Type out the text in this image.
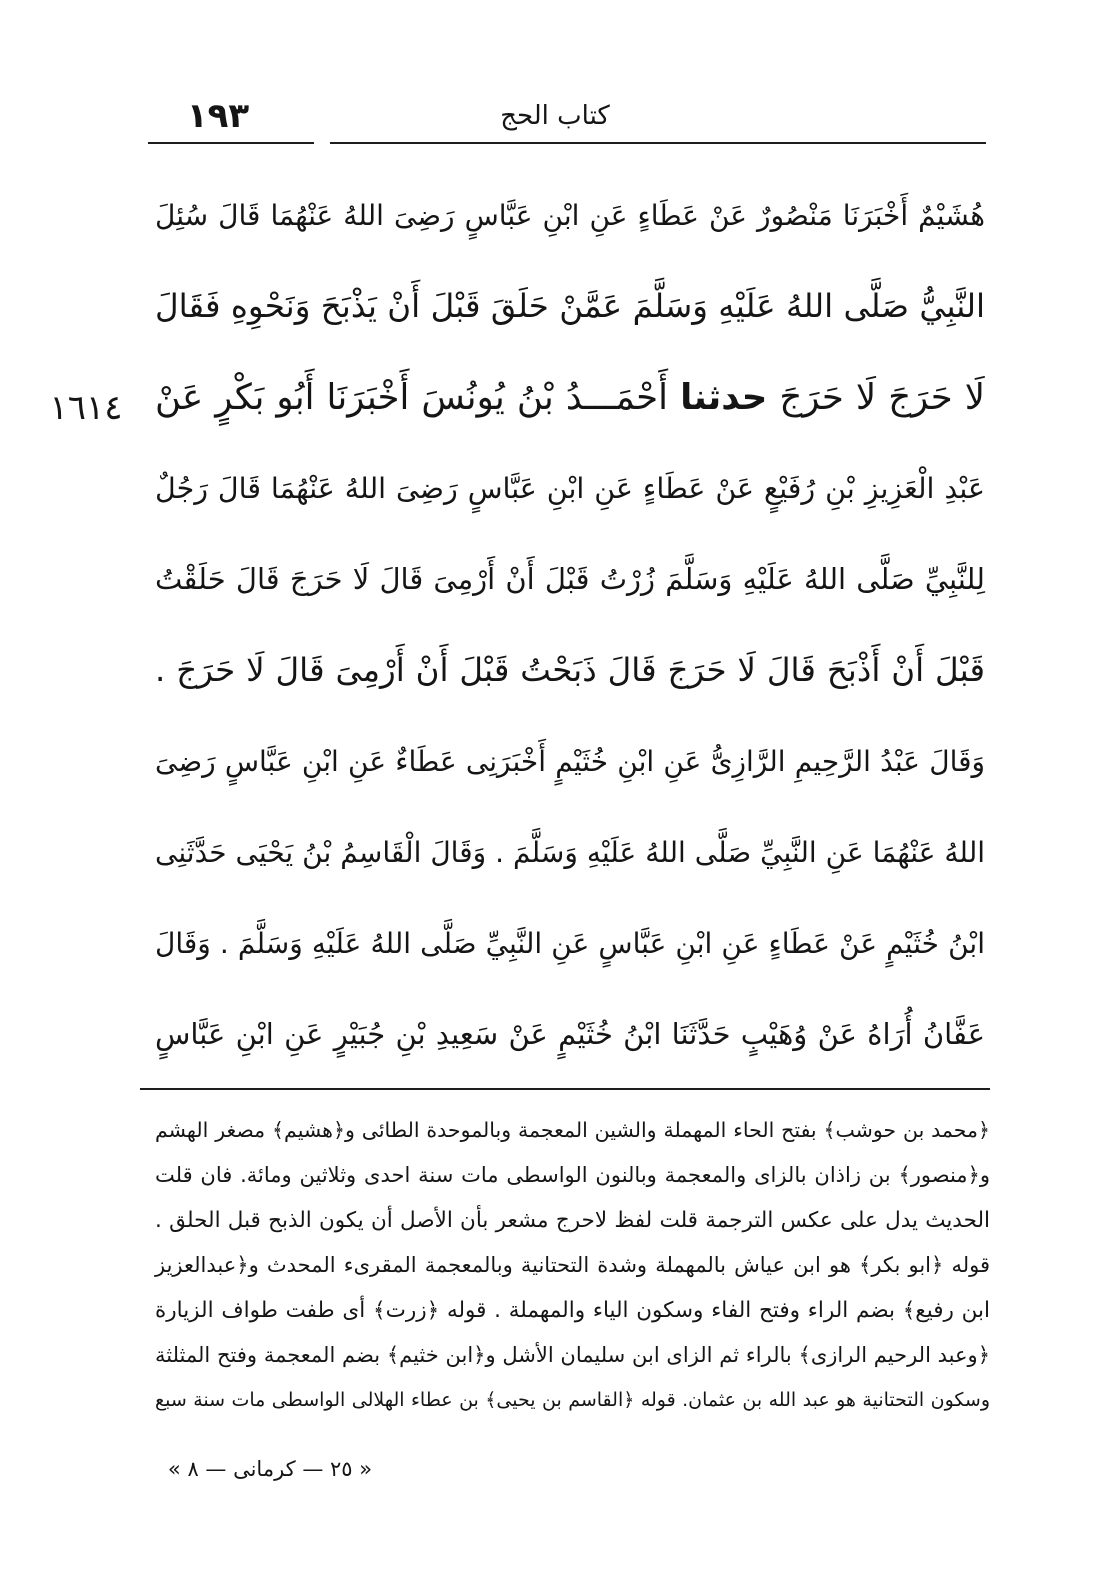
١٩٣	كتاب الحج
١٦١٤

هُشَيْمٌ أَخْبَرَنَا مَنْصُورٌ عَنْ عَطَاءٍ عَنِ ابْنِ عَبَّاسٍ رَضِىَ اللهُ عَنْهُمَا قَالَ سُئِلَ

النَّبِيُّ صَلَّى اللهُ عَلَيْهِ وَسَلَّمَ عَمَّنْ حَلَقَ قَبْلَ أَنْ يَذْبَحَ وَنَحْوِهِ فَقَالَ

لَا حَرَجَ لَا حَرَجَ حدثنا أَحْمَـــدُ بْنُ يُونُسَ أَخْبَرَنَا أَبُو بَكْرٍ عَنْ

عَبْدِ الْعَزِيزِ بْنِ رُفَيْعٍ عَنْ عَطَاءٍ عَنِ ابْنِ عَبَّاسٍ رَضِىَ اللهُ عَنْهُمَا قَالَ رَجُلٌ

لِلنَّبِيِّ صَلَّى اللهُ عَلَيْهِ وَسَلَّمَ زُرْتُ قَبْلَ أَنْ أَرْمِىَ قَالَ لَا حَرَجَ قَالَ حَلَقْتُ

قَبْلَ أَنْ أَذْبَحَ قَالَ لَا حَرَجَ قَالَ ذَبَحْتُ قَبْلَ أَنْ أَرْمِىَ قَالَ لَا حَرَجَ .

وَقَالَ عَبْدُ الرَّحِيمِ الرَّازِىُّ عَنِ ابْنِ خُثَيْمٍ أَخْبَرَنِى عَطَاءٌ عَنِ ابْنِ عَبَّاسٍ رَضِىَ

اللهُ عَنْهُمَا عَنِ النَّبِيِّ صَلَّى اللهُ عَلَيْهِ وَسَلَّمَ . وَقَالَ الْقَاسِمُ بْنُ يَحْيَى حَدَّثَنِى

ابْنُ خُثَيْمٍ عَنْ عَطَاءٍ عَنِ ابْنِ عَبَّاسٍ عَنِ النَّبِيِّ صَلَّى اللهُ عَلَيْهِ وَسَلَّمَ . وَقَالَ

عَفَّانُ أُرَاهُ عَنْ وُهَيْبٍ حَدَّثَنَا ابْنُ خُثَيْمٍ عَنْ سَعِيدِ بْنِ جُبَيْرٍ عَنِ ابْنِ عَبَّاسٍ

﴿محمد بن حوشب﴾ بفتح الحاء المهملة والشين المعجمة وبالموحدة الطائى و﴿هشيم﴾ مصغر الهشم

و﴿منصور﴾ بن زاذان بالزاى والمعجمة وبالنون الواسطى مات سنة احدى وثلاثين ومائة. فان قلت

الحديث يدل على عكس الترجمة قلت لفظ لاحرج مشعر بأن الأصل أن يكون الذبح قبل الحلق .

قوله ﴿ابو بكر﴾ هو ابن عياش بالمهملة وشدة التحتانية وبالمعجمة المقرىء المحدث و﴿عبدالعزيز

ابن رفيع﴾ بضم الراء وفتح الفاء وسكون الياء والمهملة . قوله ﴿زرت﴾ أى طفت طواف الزيارة

﴿وعبد الرحيم الرازى﴾ بالراء ثم الزاى ابن سليمان الأشل و﴿ابن خثيم﴾ بضم المعجمة وفتح المثلثة

وسكون التحتانية هو عبد الله بن عثمان. قوله ﴿القاسم بن يحيى﴾ بن عطاء الهلالى الواسطى مات سنة سبع

« ٢٥ — كرمانى — ٨ »
